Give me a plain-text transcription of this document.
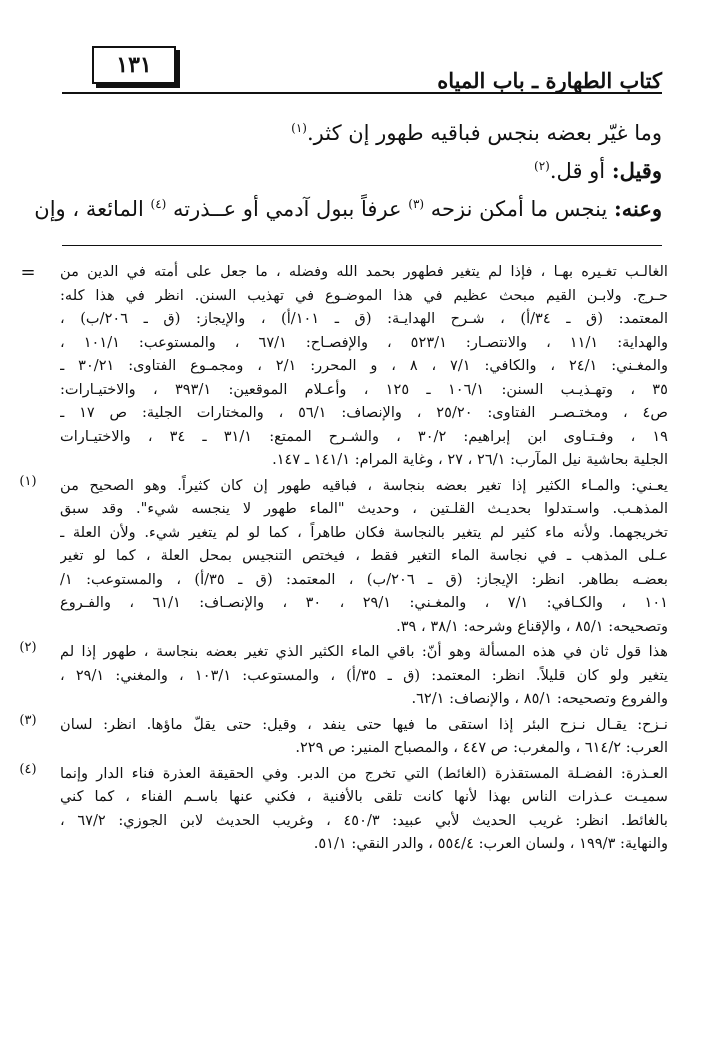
١٣١
كتاب الطهارة ـ باب المياه
وما غيّر بعضه بنجس فباقيه طهور إن كثر.$^{(١)}$
وقيل: أو قل.$^{(٢)}$
وعنه: ينجس ما أمكن نزحه $^{(٣)}$ عرفاً ببول آدمي أو عــذرته $^{(٤)}$ المائعة ، وإن
=	الغالـب تغـيره بهـا ، فإذا لم يتغير فطهور بحمد الله وفضله ، ما جعل على أمته في الدين من
حـرج. ولابـن القيم مبحث عظيم في هذا الموضـوع في تهذيب السنن. انظر في هذا كله:
المعتمد: (ق ـ ٣٤/أ) ، شـرح الهدايـة: (ق ـ ١٠١/أ) ، والإيجاز: (ق ـ ٢٠٦/ب) ،
والهداية: ١١/١ ، والانتصـار: ٥٢٣/١ ، والإفصـاح: ٦٧/١ ، والمستوعب: ١٠١/١ ،
والمغـني: ٢٤/١ ، والكافي: ٧/١ ، ٨ ، و المحرر: ٢/١ ، ومجمـوع الفتاوى: ٣٠/٢١ ـ
٣٥ ، وتهـذيـب السنن: ١٠٦/١ ـ ١٢٥ ، وأعـلام الموقعين: ٣٩٣/١ ، والاختيـارات:
ص٤ ، ومختـصـر الفتاوى: ٢٥/٢٠ ، والإنصاف: ٥٦/١ ، والمختارات الجلية: ص ١٧ ـ
١٩ ، وفـتـاوى ابن إبراهيم: ٣٠/٢ ، والشـرح الممتع: ٣١/١ ـ ٣٤ ، والاختيـارات
الجلية بحاشية نيل المآرب: ٢٦/١ ، ٢٧ ، وغاية المرام: ١٤١/١ ـ ١٤٧.
(١)	يعـني: والمـاء الكثير إذا تغير بعضه بنجاسة ، فباقيه طهور إن كان كثيراً. وهو الصحيح من
المذهـب. واسـتدلوا بحديـث القلـتين ، وحديث "الماء طهور لا ينجسه شيء". وقد سبق
تخريجهما. ولأنه ماء كثير لم يتغير بالنجاسة فكان طاهراً ، كما لو لم يتغير شيء. ولأن العلة ـ
عـلى المذهب ـ في نجاسة الماء التغير فقط ، فيختص التنجيس بمحل العلة ، كما لو تغير
بعضـه بطاهر. انظر: الإيجاز: (ق ـ ٢٠٦/ب) ، المعتمد: (ق ـ ٣٥/أ) ، والمستوعب: ١/
١٠١ ، والكـافي: ٧/١ ، والمغـني: ٢٩/١ ، ٣٠ ، والإنصـاف: ٦١/١ ، والفـروع
وتصحيحه: ٨٥/١ ، والإقناع وشرحه: ٣٨/١ ، ٣٩.
(٢)	هذا قول ثان في هذه المسألة وهو أنّ: باقي الماء الكثير الذي تغير بعضه بنجاسة ، طهور إذا لم
يتغير ولو كان قليلاً. انظر: المعتمد: (ق ـ ٣٥/أ) ، والمستوعب: ١٠٣/١ ، والمغني: ٢٩/١ ،
والفروع وتصحيحه: ٨٥/١ ، والإنصاف: ٦٢/١.
(٣)	نـزح: يقـال نـزح البئر إذا استقى ما فيها حتى ينفد ، وقيل: حتى يقلّ ماؤها. انظر: لسان
العرب: ٦١٤/٢ ، والمغرب: ص ٤٤٧ ، والمصباح المنير: ص ٢٢٩.
(٤)	العـذرة: الفضـلة المستقذرة (الغائط) التي تخرج من الدبر. وفي الحقيقة العذرة فناء الدار وإنما
سميـت عـذرات الناس بهذا لأنها كانت تلقى بالأفنية ، فكني عنها باسـم الفناء ، كما كني
بالغائط. انظر: غريب الحديث لأبي عبيد: ٤٥٠/٣ ، وغريب الحديث لابن الجوزي: ٦٧/٢ ،
والنهاية: ١٩٩/٣ ، ولسان العرب: ٥٥٤/٤ ، والدر النقي: ٥١/١.
